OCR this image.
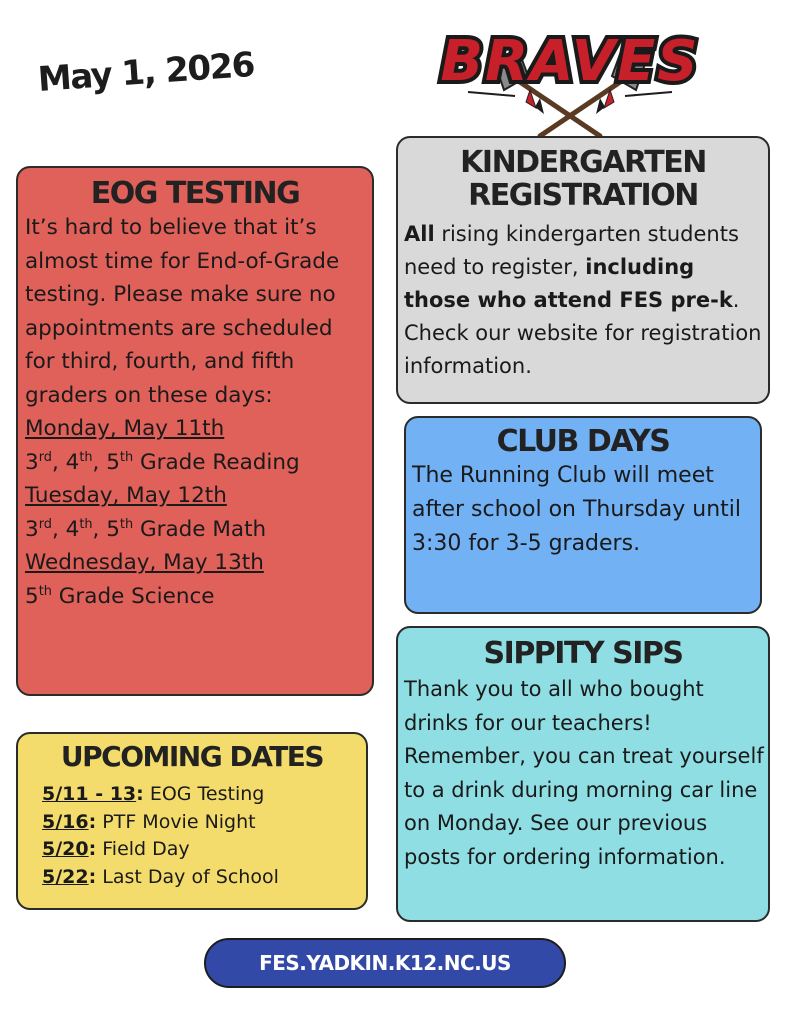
May 1, 2026	BRAVES
EOG TESTING

It’s hard to believe that it’s almost time for End-of-Grade testing. Please make sure no appointments are scheduled for third, fourth, and fifth graders on these days:

Monday, May 11th
3rd, 4th, 5th Grade Reading
Tuesday, May 12th
3rd, 4th, 5th Grade Math
Wednesday, May 13th
5th Grade Science
KINDERGARTEN
REGISTRATION
All rising kindergarten students need to register, including those who attend FES pre-k. Check our website for registration information.
CLUB DAYS

The Running Club will meet after school on Thursday until 3:30 for 3-5 graders.

SIPPITY SIPS

Thank you to all who bought drinks for our teachers! Remember, you can treat yourself to a drink during morning car line on Monday. See our previous posts for ordering information.

UPCOMING DATES
5/11 - 13: EOG Testing
5/16: PTF Movie Night
5/20: Field Day
5/22: Last Day of School
FES.YADKIN.K12.NC.US
